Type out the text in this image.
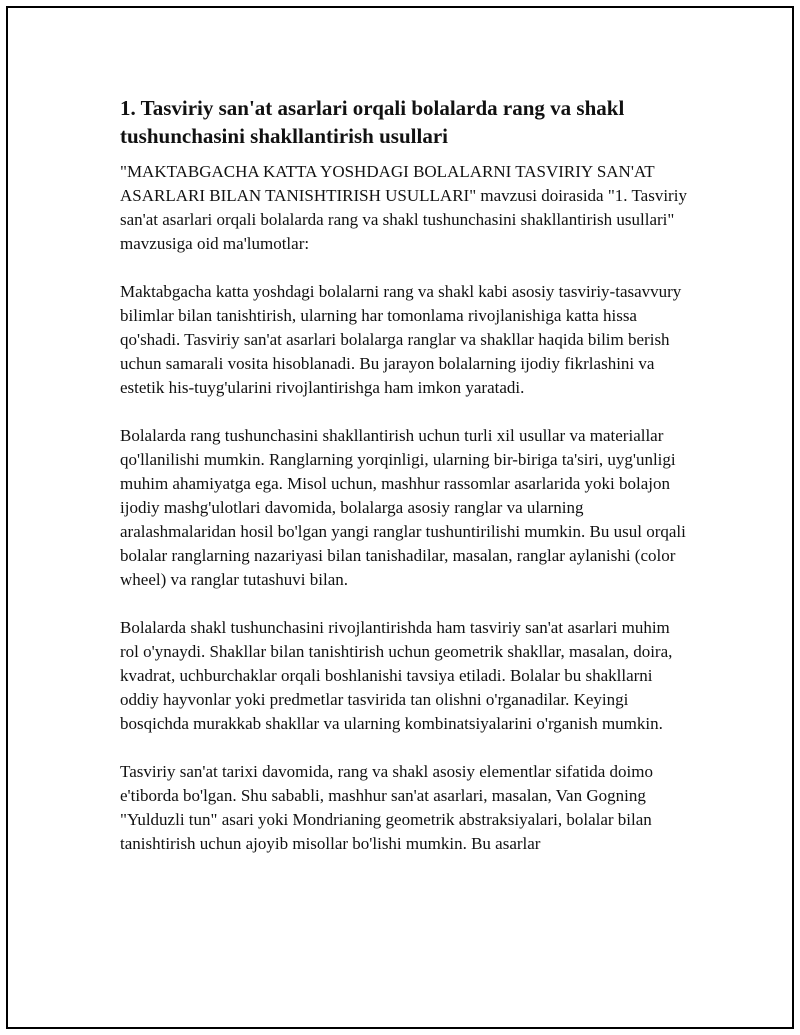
1. Tasviriy san'at asarlari orqali bolalarda rang va shakl tushunchasini shakllantirish usullari

"MAKTABGACHA KATTA YOSHDAGI BOLALARNI TASVIRIY SAN'AT ASARLARI BILAN TANISHTIRISH USULLARI" mavzusi doirasida "1. Tasviriy san'at asarlari orqali bolalarda rang va shakl tushunchasini shakllantirish usullari" mavzusiga oid ma'lumotlar:

Maktabgacha katta yoshdagi bolalarni rang va shakl kabi asosiy tasviriy-tasavvury bilimlar bilan tanishtirish, ularning har tomonlama rivojlanishiga katta hissa qo'shadi. Tasviriy san'at asarlari bolalarga ranglar va shakllar haqida bilim berish uchun samarali vosita hisoblanadi. Bu jarayon bolalarning ijodiy fikrlashini va estetik his-tuyg'ularini rivojlantirishga ham imkon yaratadi.

Bolalarda rang tushunchasini shakllantirish uchun turli xil usullar va materiallar qo'llanilishi mumkin. Ranglarning yorqinligi, ularning bir-biriga ta'siri, uyg'unligi muhim ahamiyatga ega. Misol uchun, mashhur rassomlar asarlarida yoki bolajon ijodiy mashg'ulotlari davomida, bolalarga asosiy ranglar va ularning aralashmalaridan hosil bo'lgan yangi ranglar tushuntirilishi mumkin. Bu usul orqali bolalar ranglarning nazariyasi bilan tanishadilar, masalan, ranglar aylanishi (color wheel) va ranglar tutashuvi bilan.

Bolalarda shakl tushunchasini rivojlantirishda ham tasviriy san'at asarlari muhim rol o'ynaydi. Shakllar bilan tanishtirish uchun geometrik shakllar, masalan, doira, kvadrat, uchburchaklar orqali boshlanishi tavsiya etiladi. Bolalar bu shakllarni oddiy hayvonlar yoki predmetlar tasvirida tan olishni o'rganadilar. Keyingi bosqichda murakkab shakllar va ularning kombinatsiyalarini o'rganish mumkin.

Tasviriy san'at tarixi davomida, rang va shakl asosiy elementlar sifatida doimo e'tiborda bo'lgan. Shu sababli, mashhur san'at asarlari, masalan, Van Gogning "Yulduzli tun" asari yoki Mondrianing geometrik abstraksiyalari, bolalar bilan tanishtirish uchun ajoyib misollar bo'lishi mumkin. Bu asarlar
